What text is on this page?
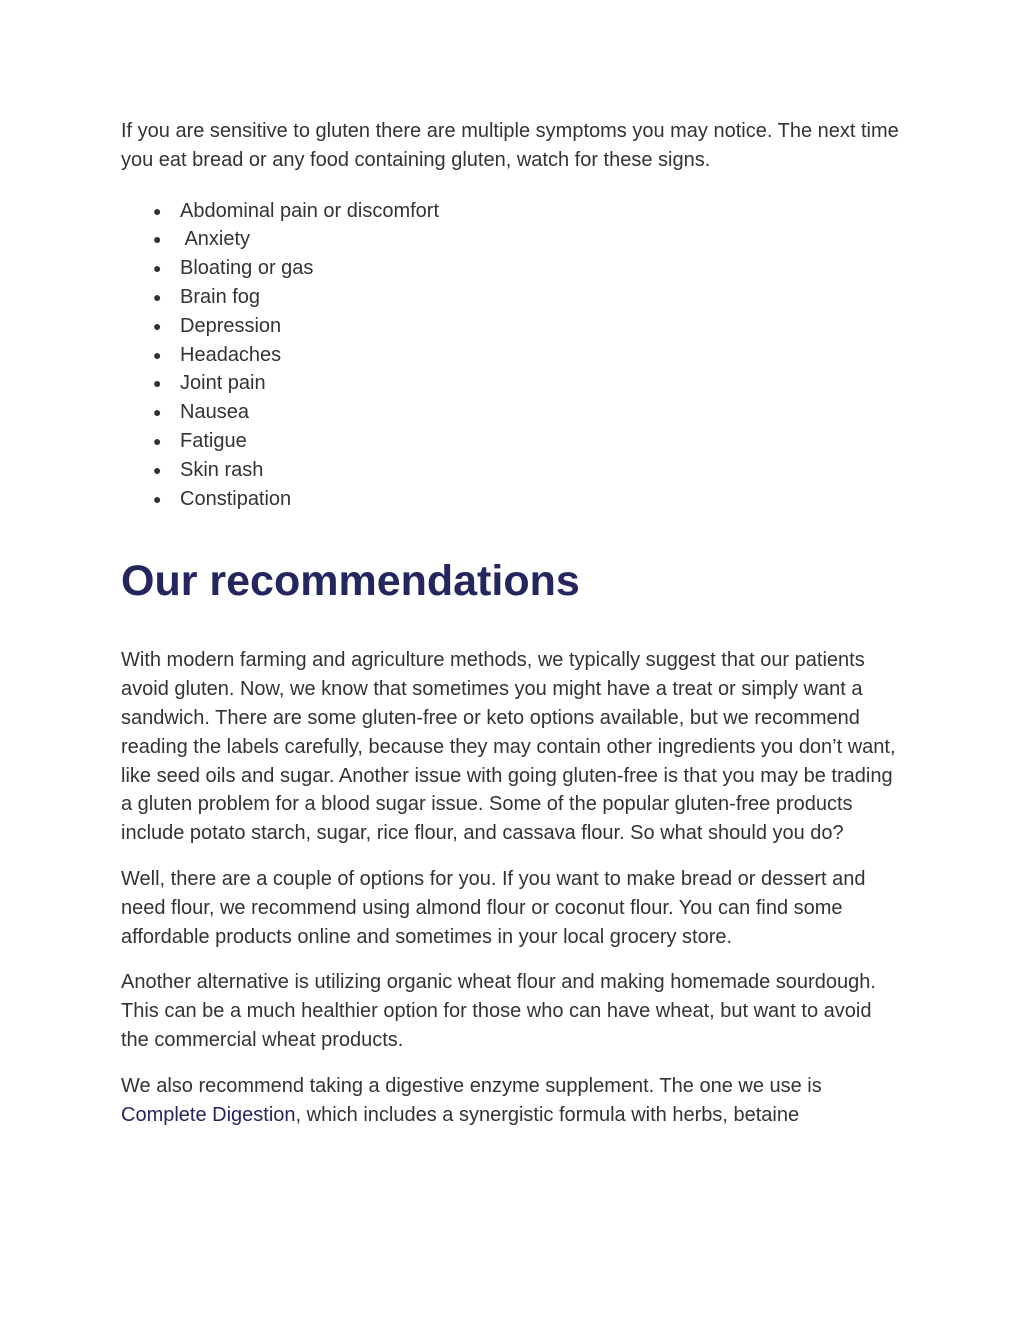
If you are sensitive to gluten there are multiple symptoms you may notice. The next time you eat bread or any food containing gluten, watch for these signs.

● Abdominal pain or discomfort
● Anxiety
● Bloating or gas
● Brain fog
● Depression
● Headaches
● Joint pain
● Nausea
● Fatigue
● Skin rash
● Constipation
Our recommendations

With modern farming and agriculture methods, we typically suggest that our patients avoid gluten. Now, we know that sometimes you might have a treat or simply want a sandwich. There are some gluten-free or keto options available, but we recommend reading the labels carefully, because they may contain other ingredients you don’t want, like seed oils and sugar. Another issue with going gluten-free is that you may be trading a gluten problem for a blood sugar issue. Some of the popular gluten-free products include potato starch, sugar, rice flour, and cassava flour. So what should you do?

Well, there are a couple of options for you. If you want to make bread or dessert and need flour, we recommend using almond flour or coconut flour. You can find some affordable products online and sometimes in your local grocery store.

Another alternative is utilizing organic wheat flour and making homemade sourdough. This can be a much healthier option for those who can have wheat, but want to avoid the commercial wheat products.

We also recommend taking a digestive enzyme supplement. The one we use is Complete Digestion, which includes a synergistic formula with herbs, betaine
